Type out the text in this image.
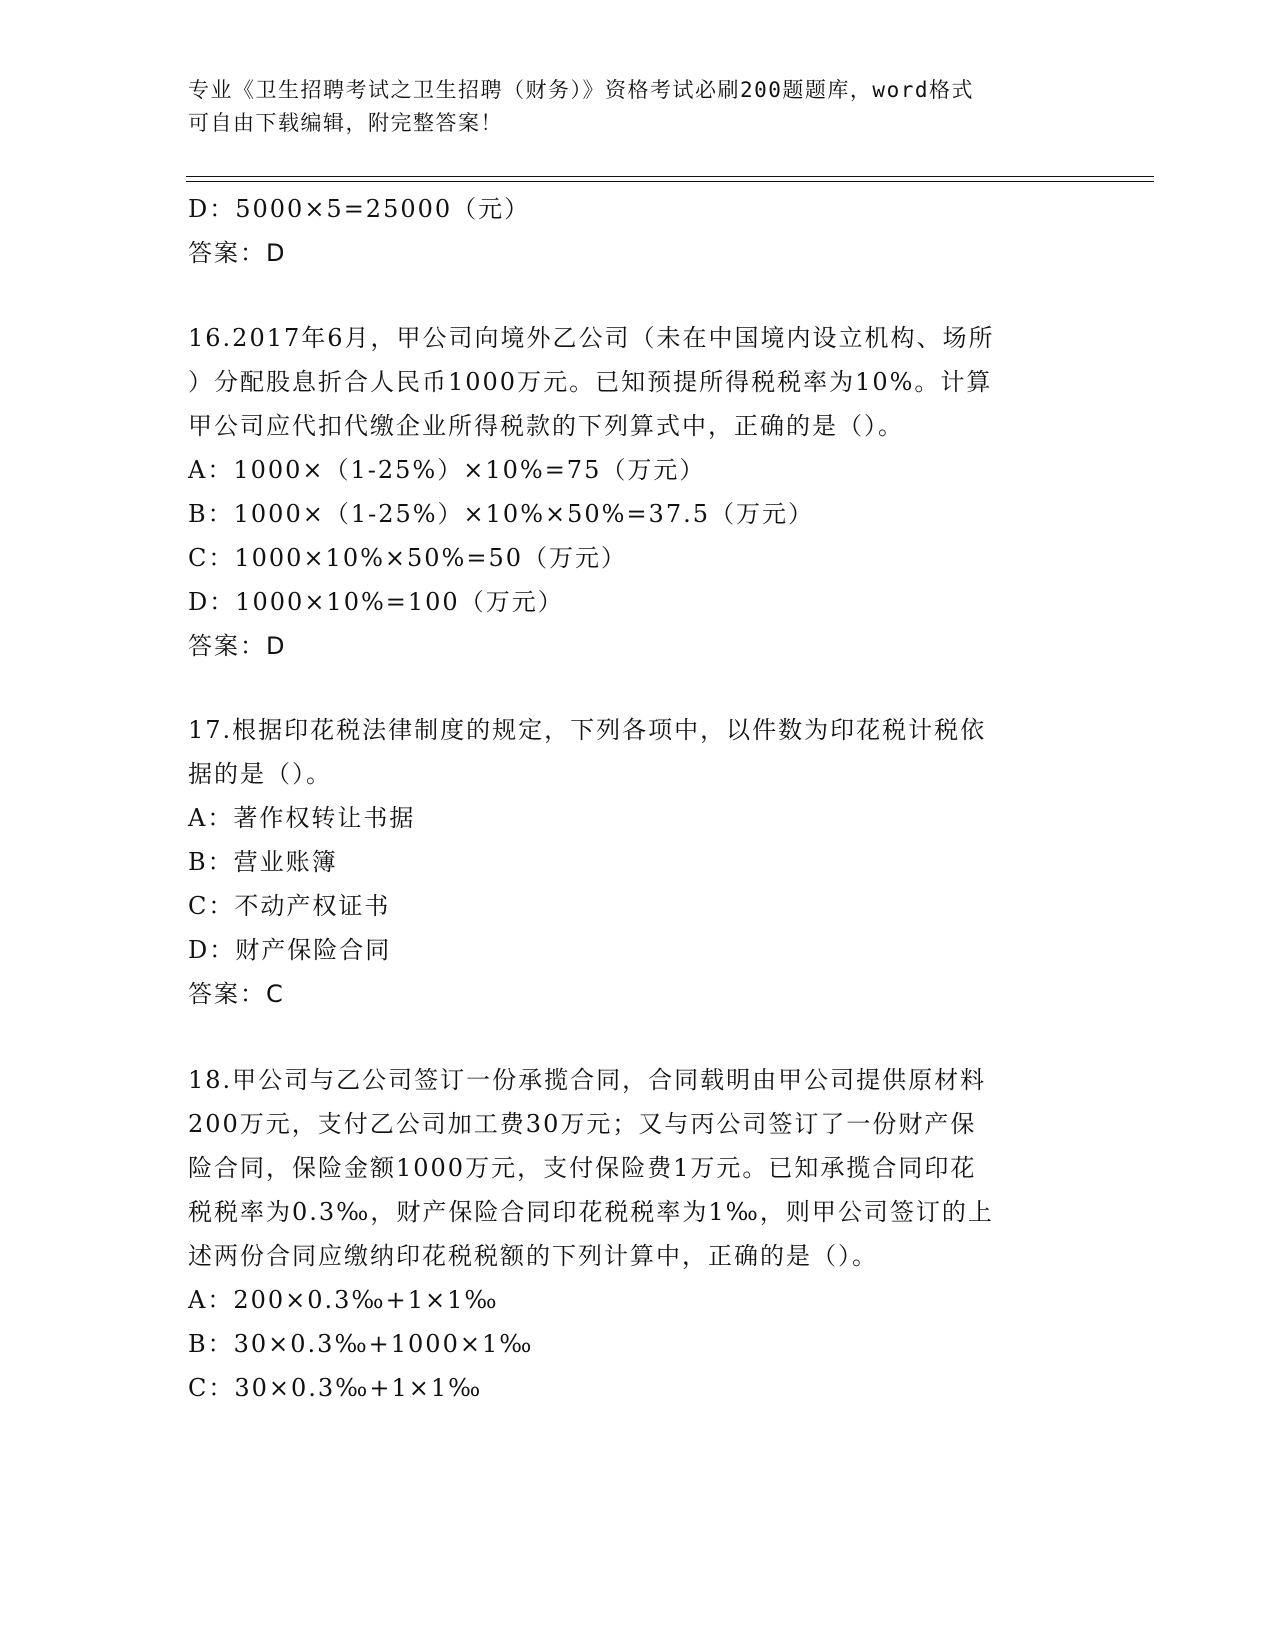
专业《卫生招聘考试之卫生招聘（财务）》资格考试必刷200题题库，word格式
可自由下载编辑，附完整答案！
D：5000×5=25000（元）
答案：D
16.2017年6月，甲公司向境外乙公司（未在中国境内设立机构、场所
）分配股息折合人民币1000万元。已知预提所得税税率为10%。计算
甲公司应代扣代缴企业所得税款的下列算式中，正确的是（）。
A：1000×（1-25%）×10%=75（万元）
B：1000×（1-25%）×10%×50%=37.5（万元）
C：1000×10%×50%=50（万元）
D：1000×10%=100（万元）
答案：D
17.根据印花税法律制度的规定，下列各项中，以件数为印花税计税依
据的是（）。
A：著作权转让书据
B：营业账簿
C：不动产权证书
D：财产保险合同
答案：C
18.甲公司与乙公司签订一份承揽合同，合同载明由甲公司提供原材料
200万元，支付乙公司加工费30万元；又与丙公司签订了一份财产保
险合同，保险金额1000万元，支付保险费1万元。已知承揽合同印花
税税率为0.3‰，财产保险合同印花税税率为1‰，则甲公司签订的上
述两份合同应缴纳印花税税额的下列计算中，正确的是（）。
A：200×0.3‰+1×1‰
B：30×0.3‰+1000×1‰
C：30×0.3‰+1×1‰
